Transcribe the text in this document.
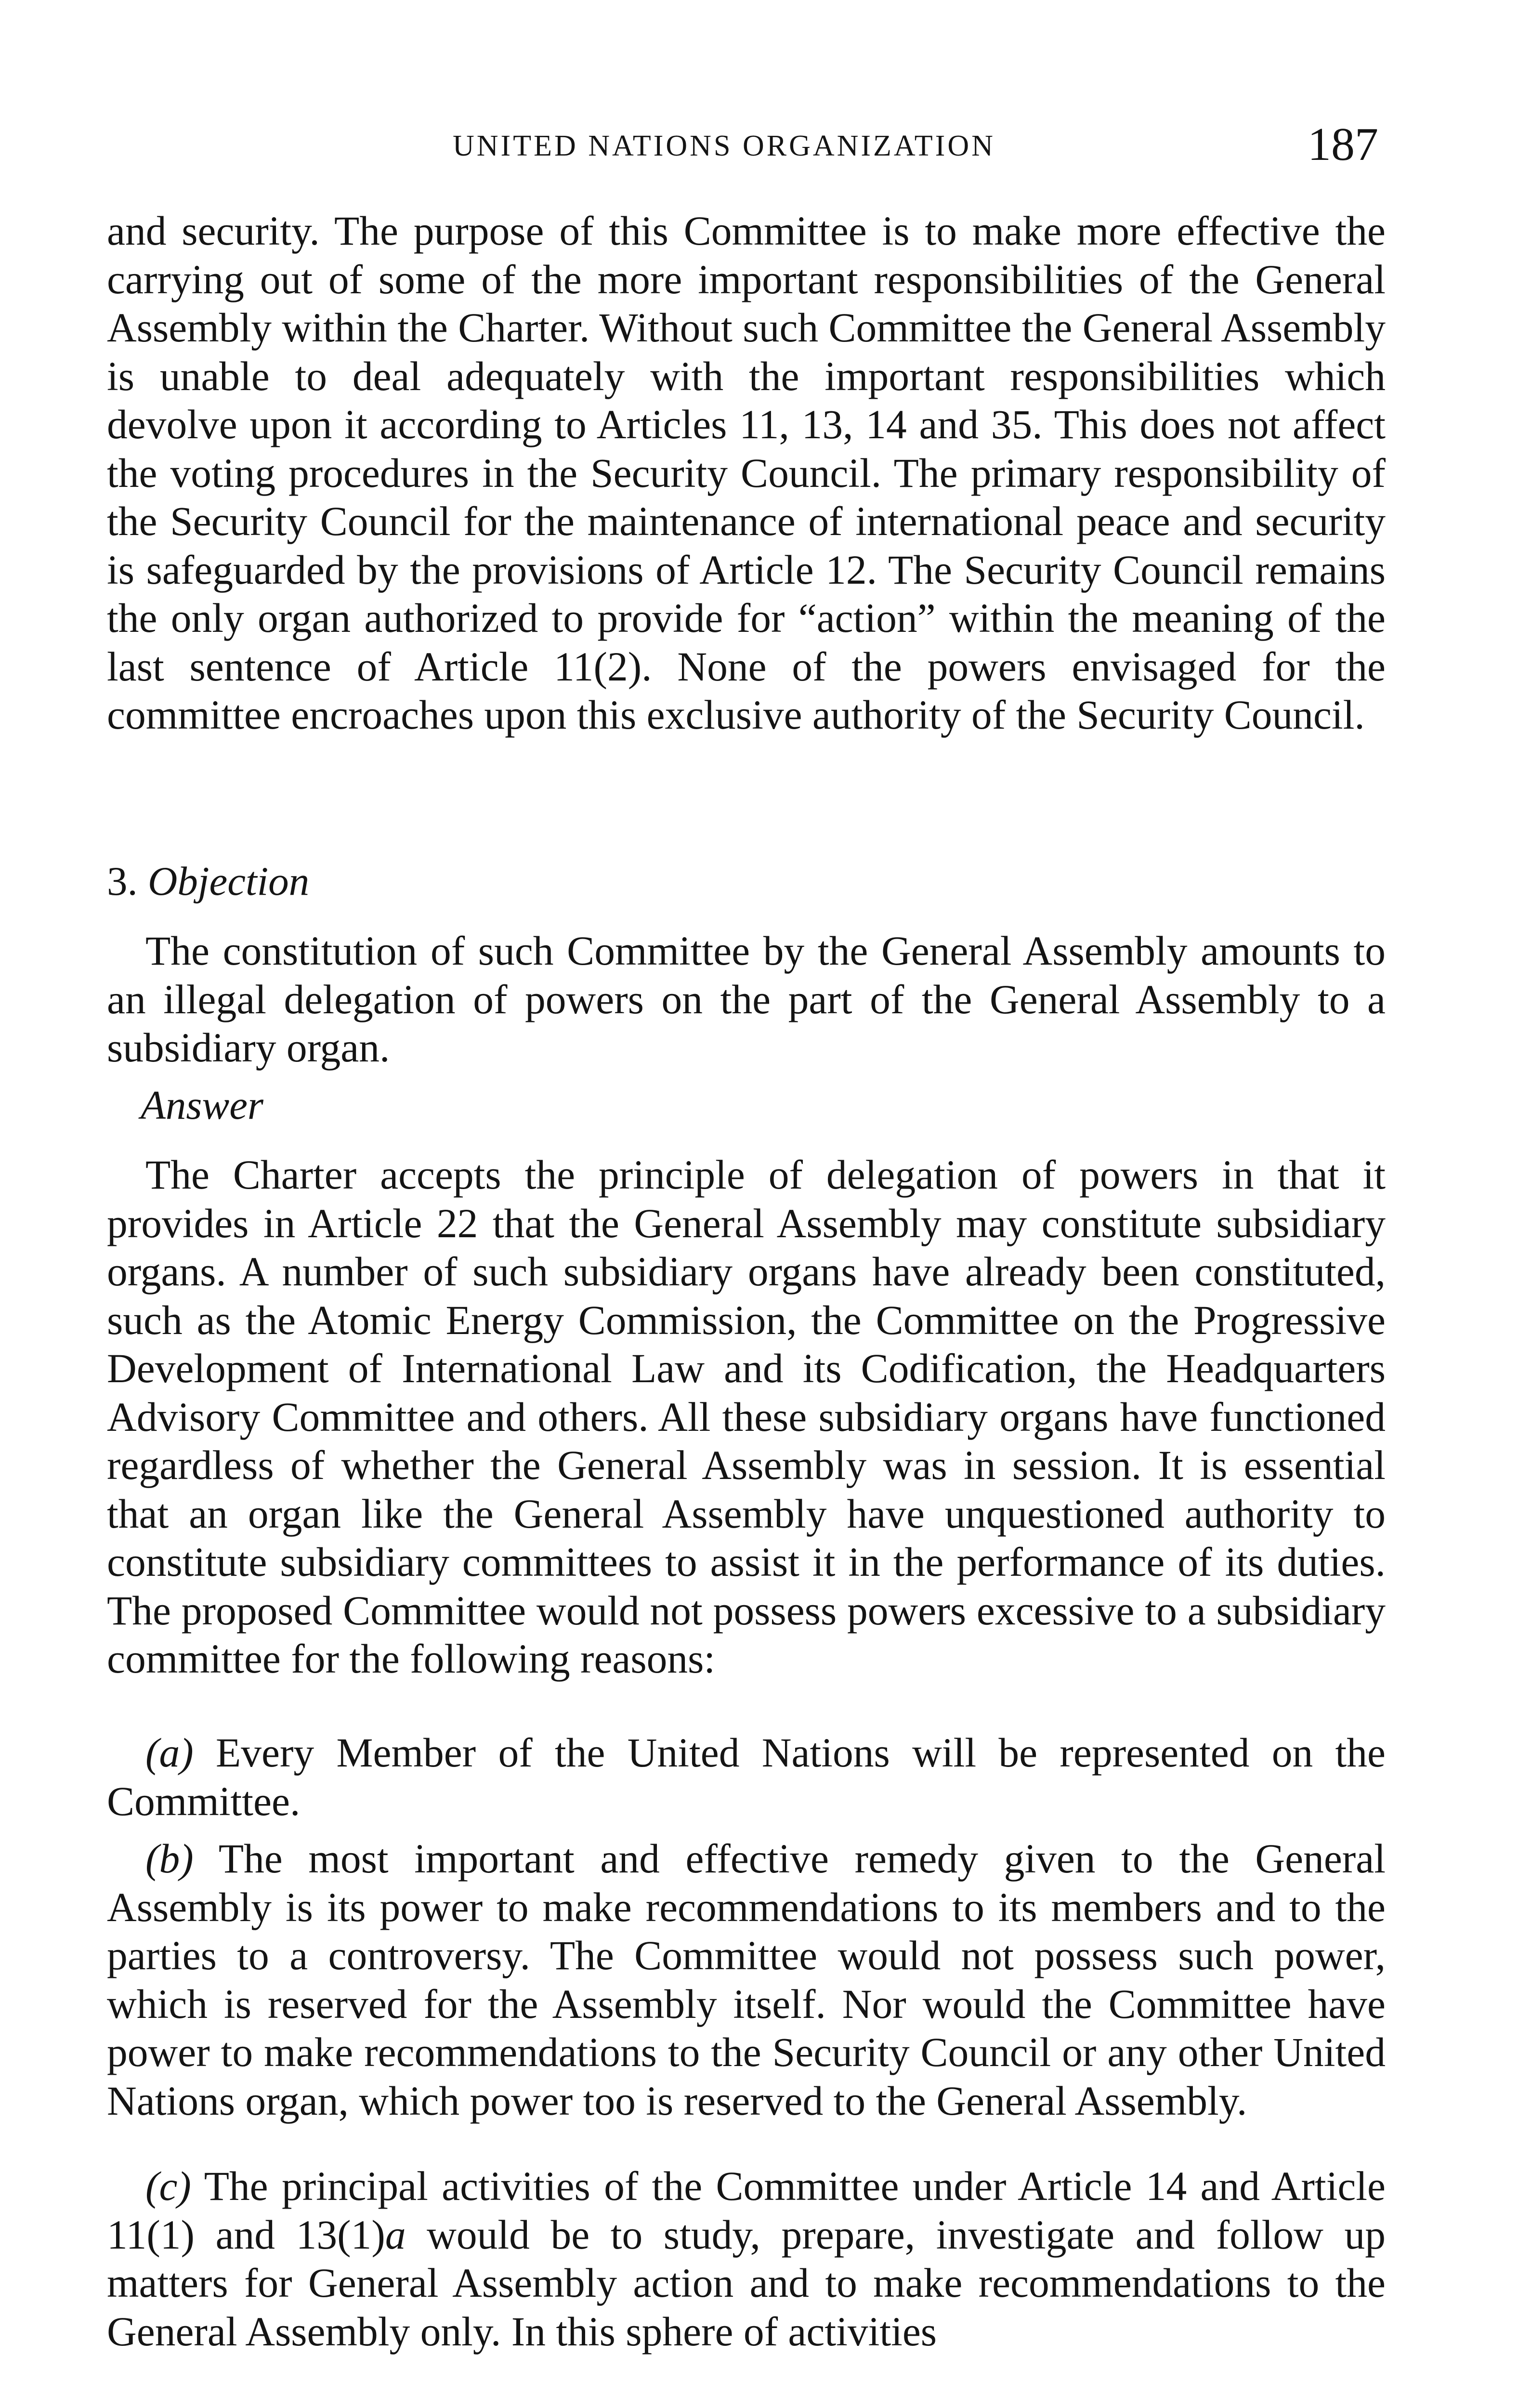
UNITED NATIONS ORGANIZATION	187

and security. The purpose of this Committee is to make more effective the carrying out of some of the more important responsibilities of the General Assembly within the Charter. Without such Committee the General Assembly is unable to deal adequately with the important responsibilities which devolve upon it according to Articles 11, 13, 14 and 35. This does not affect the voting procedures in the Security Council. The primary responsibility of the Security Council for the maintenance of international peace and security is safeguarded by the provisions of Article 12. The Security Council remains the only organ authorized to provide for “action” within the meaning of the last sentence of Article 11(2). None of the powers envisaged for the committee encroaches upon this exclusive authority of the Security Council.

3. Objection

The constitution of such Committee by the General Assembly amounts to an illegal delegation of powers on the part of the General Assembly to a subsidiary organ.

Answer

The Charter accepts the principle of delegation of powers in that it provides in Article 22 that the General Assembly may constitute subsidiary organs. A number of such subsidiary organs have already been constituted, such as the Atomic Energy Commission, the Committee on the Progressive Development of International Law and its Codification, the Headquarters Advisory Committee and others. All these subsidiary organs have functioned regardless of whether the General Assembly was in session. It is essential that an organ like the General Assembly have unquestioned authority to constitute subsidiary committees to assist it in the performance of its duties. The proposed Committee would not possess powers excessive to a subsidiary committee for the following reasons:

(a) Every Member of the United Nations will be represented on the Committee.

(b) The most important and effective remedy given to the General Assembly is its power to make recommendations to its members and to the parties to a controversy. The Committee would not possess such power, which is reserved for the Assembly itself. Nor would the Committee have power to make recommendations to the Security Council or any other United Nations organ, which power too is reserved to the General Assembly.

(c) The principal activities of the Committee under Article 14 and Article 11(1) and 13(1)a would be to study, prepare, investigate and follow up matters for General Assembly action and to make recommendations to the General Assembly only. In this sphere of activities
